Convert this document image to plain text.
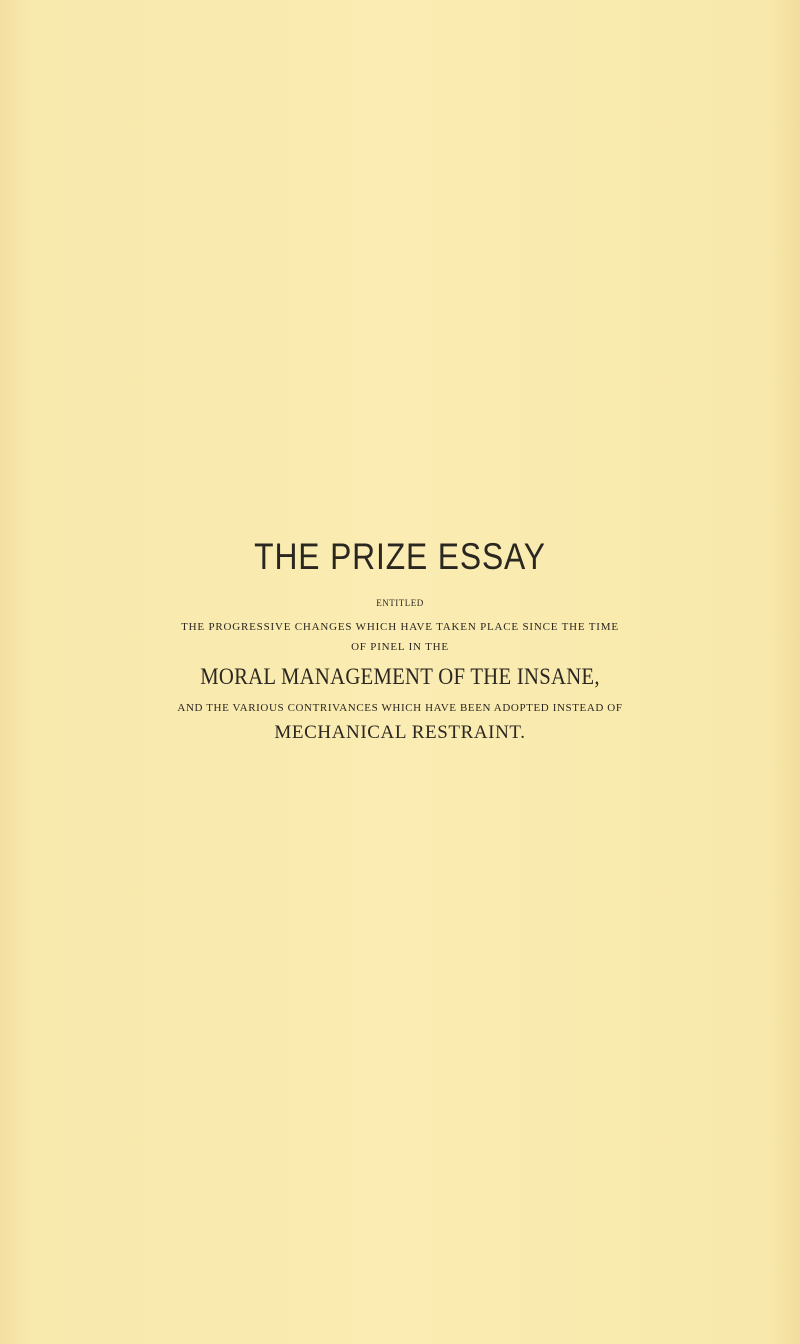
THE PRIZE ESSAY
ENTITLED
THE PROGRESSIVE CHANGES WHICH HAVE TAKEN PLACE SINCE THE TIME
OF PINEL IN THE
MORAL MANAGEMENT OF THE INSANE,
AND THE VARIOUS CONTRIVANCES WHICH HAVE BEEN ADOPTED INSTEAD OF
MECHANICAL RESTRAINT.
